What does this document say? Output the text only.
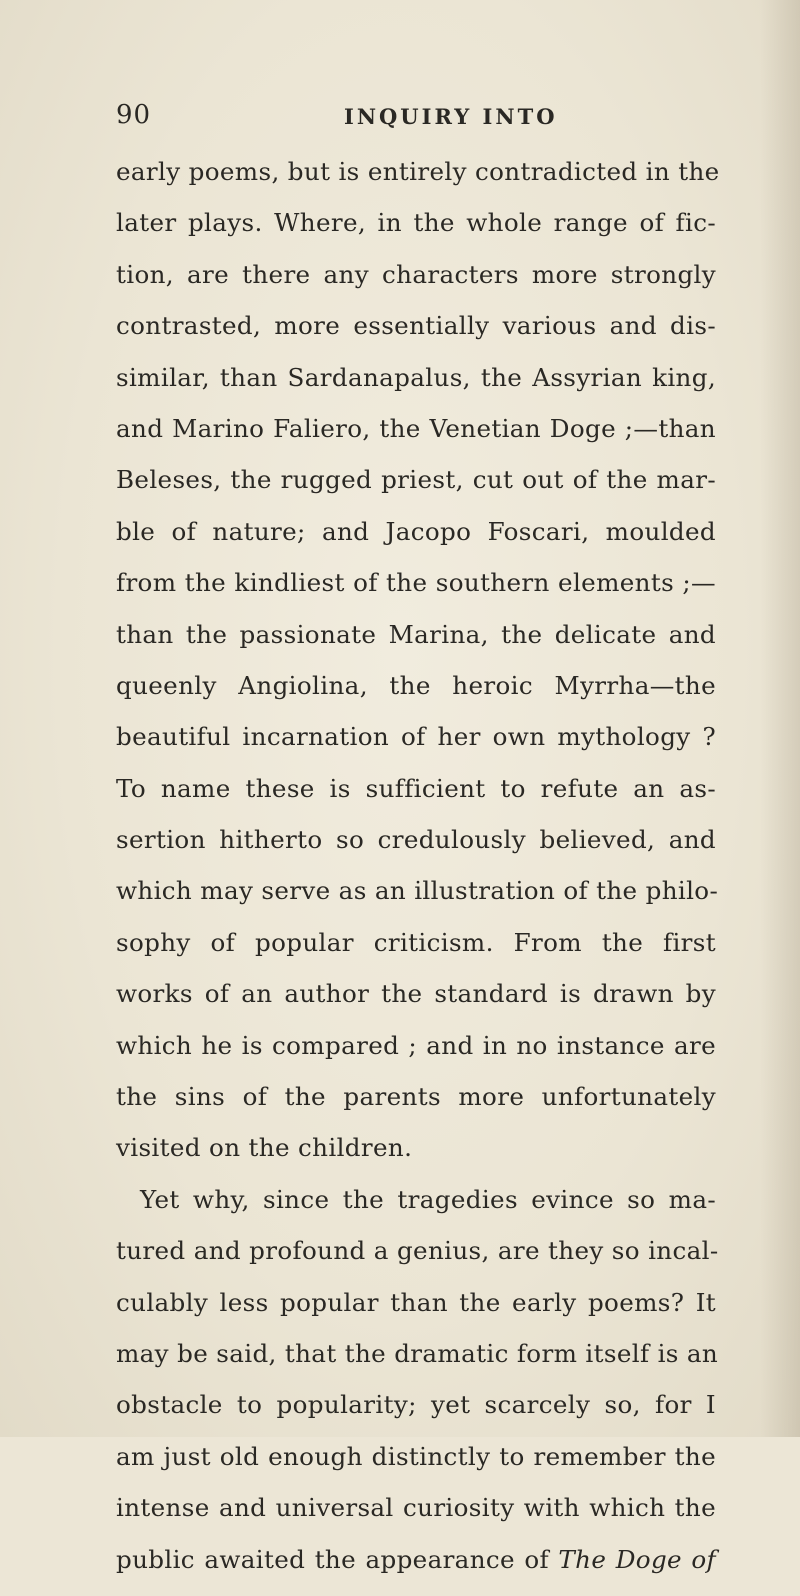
90	INQUIRY INTO
early poems, but is entirely contradicted in the
later plays. Where, in the whole range of fic-
tion, are there any characters more strongly
contrasted, more essentially various and dis-
similar, than Sardanapalus, the Assyrian king,
and Marino Faliero, the Venetian Doge ;—than
Beleses, the rugged priest, cut out of the mar-
ble of nature; and Jacopo Foscari, moulded
from the kindliest of the southern elements ;—
than the passionate Marina, the delicate and
queenly Angiolina, the heroic Myrrha—the
beautiful incarnation of her own mythology ?
To name these is sufficient to refute an as-
sertion hitherto so credulously believed, and
which may serve as an illustration of the philo-
sophy of popular criticism. From the first
works of an author the standard is drawn by
which he is compared ; and in no instance are
the sins of the parents more unfortunately
visited on the children.
Yet why, since the tragedies evince so ma-
tured and profound a genius, are they so incal-
culably less popular than the early poems? It
may be said, that the dramatic form itself is an
obstacle to popularity; yet scarcely so, for I
am just old enough distinctly to remember the
intense and universal curiosity with which the
public awaited the appearance of The Doge of
